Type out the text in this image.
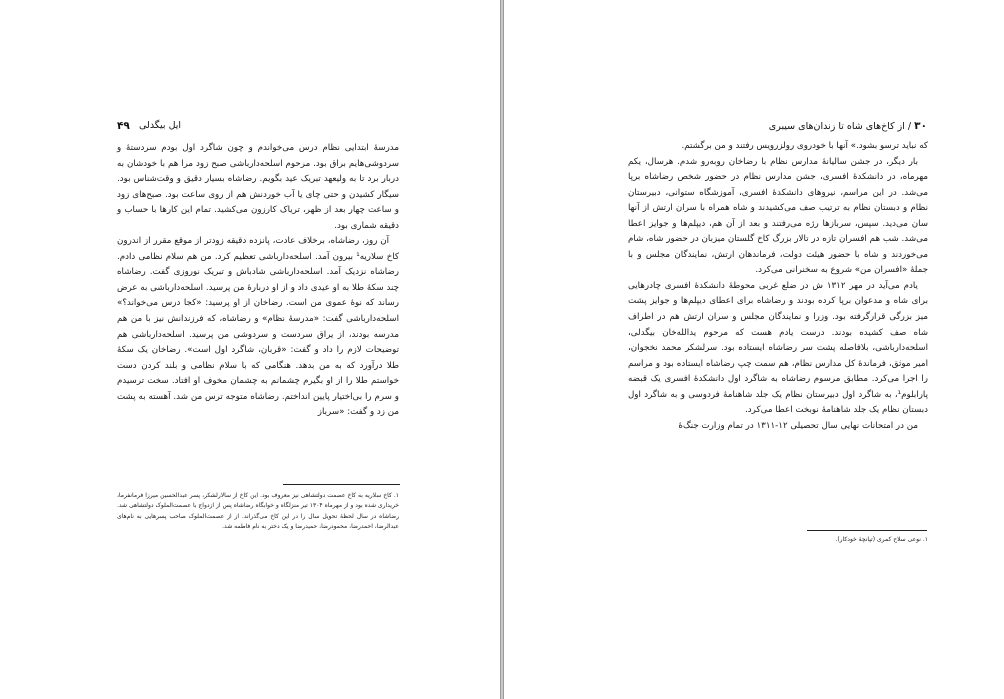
۴۹ ایل بیگدلی

مدرسهٔ ابتدایی نظام درس می‌خواندم و چون شاگرد اول بودم سردستهٔ و سردوشی‌هایم براق بود. مرحوم اسلحه‌دارباشی صبح زود مرا هم با خودشان به دربار برد تا به ولیعهد تبریک عید بگویم. رضاشاه بسیار دقیق و وقت‌شناس بود. سیگار کشیدن و حتی چای یا آب خوردنش هم از روی ساعت بود. صبح‌های زود و ساعت چهار بعد از ظهر، تریاک کارزون می‌کشید. تمام این کارها با حساب و دقیقه شماری بود.

آن روز، رضاشاه، برخلاف عادت، پانزده دقیقه زودتر از موقع مقرر از اندرون کاخ سلاریه¹ بیرون آمد. اسلحه‌دارباشی تعظیم کرد. من هم سلام نظامی دادم. رضاشاه نزدیک آمد. اسلحه‌دارباشی شادباش و تبریک نوروزی گفت. رضاشاه چند سکهٔ طلا به او عیدی داد و از او دربارهٔ من پرسید. اسلحه‌دارباشی به عرض رساند که نوهٔ عموی من است. رضاخان از او پرسید: «کجا درس می‌خواند؟» اسلحه‌دارباشی گفت: «مدرسهٔ نظام» و رضاشاه، که فرزندانش نیز با من هم مدرسه بودند، از یراق سردست و سردوشی من پرسید. اسلحه‌دارباشی هم توضیحات لازم را داد و گفت: «قربان، شاگرد اول است». رضاخان یک سکهٔ طلا درآورد که به من بدهد. هنگامی که با سلام نظامی و بلند کردن دست خواستم طلا را از او بگیرم چشمانم به چشمان مخوف او افتاد. سخت ترسیدم و سرم را بی‌اختیار پایین انداختم. رضاشاه متوجه ترس من شد. آهسته به پشت من زد و گفت: «سرباز

۱. کاخ سلاریه به کاخ عصمت دولتشاهی نیز معروف بود. این کاخ از سالارلشکر، پسر عبدالحسین میرزا فرمانفرما، خریداری شده بود و از مهرماه ۱۳۰۴ تیر منزلگاه و خوابگاه رضاشاه پس از ازدواج با عصمت‌الملوک دولتشاهی شد. رضاشاه در سال لحظهٔ تحویل سال را در این کاخ می‌گذراند. از از عصمت‌الملوک صاحب پسرهایی به نام‌های عبدالرضا، احمدرضا، محمودرضا، حمیدرضا و یک دختر به نام فاطمه شد.
۳۰ / از کاخ‌های شاه تا زندان‌های سیبری

که نباید ترسو بشود.» آنها با خودروی رولزرویس رفتند و من برگشتم.

بار دیگر، در جشن سالیانهٔ مدارس نظام با رضاخان روبه‌رو شدم. هرسال، یکم مهرماه، در دانشکدهٔ افسری، جشن مدارس نظام در حضور شخص رضاشاه برپا می‌شد. در این مراسم، نیروهای دانشکدهٔ افسری، آموزشگاه ستوانی، دبیرستان نظام و دبستان نظام به ترتیب صف می‌کشیدند و شاه همراه با سران ارتش از آنها سان می‌دید. سپس، سربازها رژه می‌رفتند و بعد از آن هم، دیپلم‌ها و جوایز اعطا می‌شد. شب هم افسران تازه در تالار بزرگ کاخ گلستان میزبان در حضور شاه، شام می‌خوردند و شاه با حضور هیئت دولت، فرماندهان ارتش، نمایندگان مجلس و با جملهٔ «افسران من» شروع به سخنرانی می‌کرد.

یادم می‌آید در مهر ۱۳۱۲ ش در ضلع غربی محوطهٔ دانشکدهٔ افسری چادرهایی برای شاه و مدعوان برپا کرده بودند و رضاشاه برای اعطای دیپلم‌ها و جوایز پشت میز بزرگی قرارگرفته بود. وزرا و نمایندگان مجلس و سران ارتش هم در اطراف شاه صف کشیده بودند. درست یادم هست که مرحوم یدالله‌خان بیگدلی، اسلحه‌دارباشی، بلافاصله پشت سر رضاشاه ایستاده بود. سرلشکر محمد نخجوان، امیر موثق، فرماندهٔ کل مدارس نظام، هم سمت چپ رضاشاه ایستاده بود و مراسم را اجرا می‌کرد. مطابق مرسوم رضاشاه به شاگرد اول دانشکدهٔ افسری یک قبضه پارابلوم¹، به شاگرد اول دبیرستان نظام یک جلد شاهنامهٔ فردوسی و به شاگرد اول دبستان نظام یک جلد شاهنامهٔ نوبخت اعطا می‌کرد.

من در امتحانات نهایی سال تحصیلی ۱۲-۱۳۱۱ در تمام وزارت جنگ‌هٔ

۱. نوعی سلاح کمری (تپانچهٔ خودکار).
